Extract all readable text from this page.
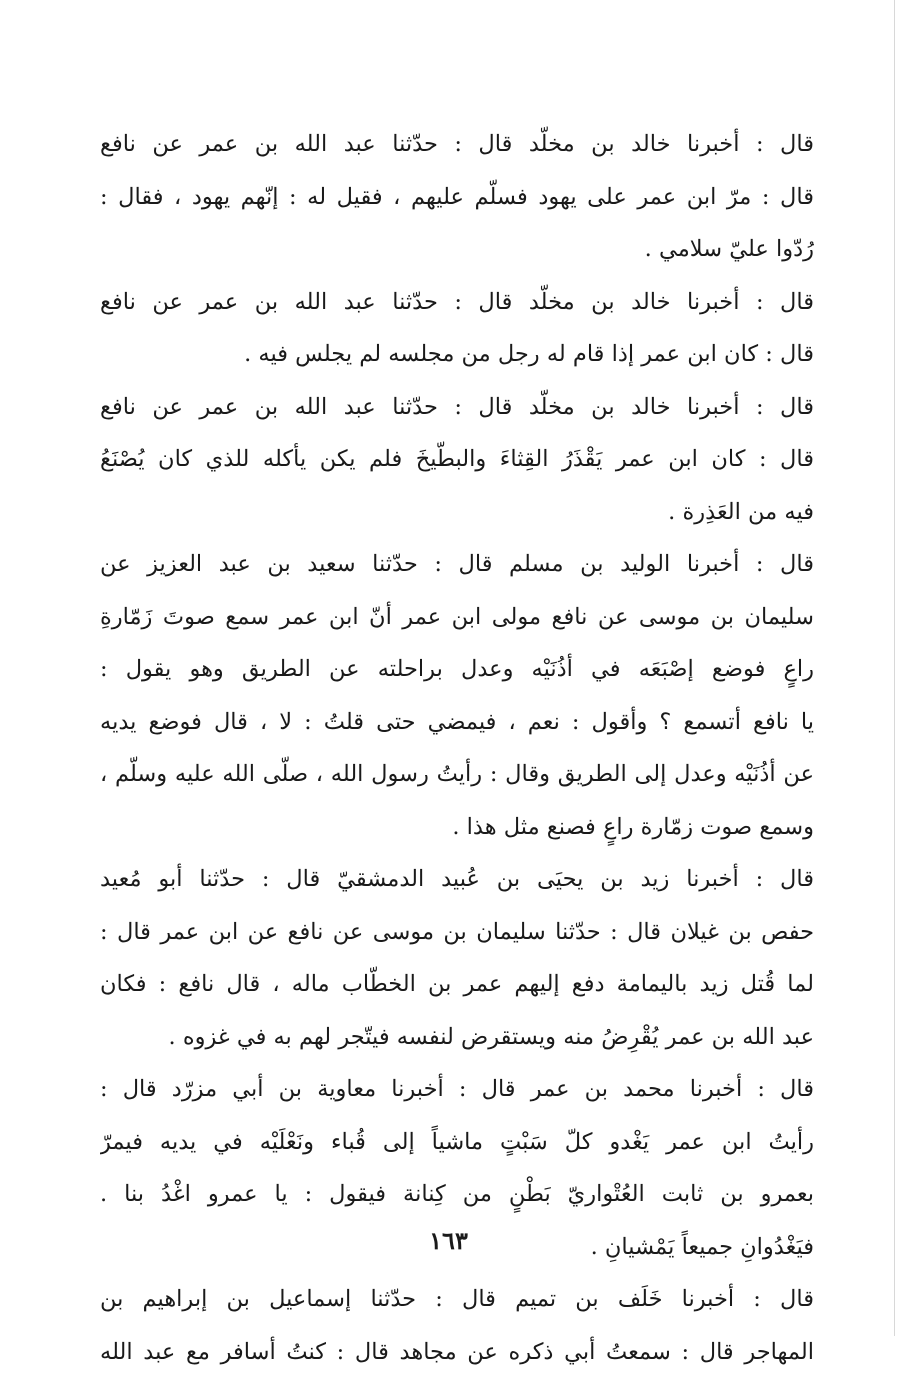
قال : أخبرنا خالد بن مخلّد قال : حدّثنا عبد الله بن عمر عن نافع
قال : مرّ ابن عمر على يهود فسلّم عليهم ، فقيل له : إنّهم يهود ، فقال :
رُدّوا عليّ سلامي .
قال : أخبرنا خالد بن مخلّد قال : حدّثنا عبد الله بن عمر عن نافع
قال : كان ابن عمر إذا قام له رجل من مجلسه لم يجلس فيه .
قال : أخبرنا خالد بن مخلّد قال : حدّثنا عبد الله بن عمر عن نافع
قال : كان ابن عمر يَقْذَرُ القِثاءَ والبطّيخَ فلم يكن يأكله للذي كان يُصْنَعُ
فيه من العَذِرة .
قال : أخبرنا الوليد بن مسلم قال : حدّثنا سعيد بن عبد العزيز عن
سليمان بن موسى عن نافع مولى ابن عمر أنّ ابن عمر سمع صوتَ زَمّارةِ
راعٍ فوضع إصْبَعَه في أذُنَيْه وعدل براحلته عن الطريق وهو يقول :
يا نافع أتسمع ؟ وأقول : نعم ، فيمضي حتى قلتُ : لا ، قال فوضع يديه
عن أذُنَيْه وعدل إلى الطريق وقال : رأيتُ رسول الله ، صلّى الله عليه وسلّم ،
وسمع صوت زمّارة راعٍ فصنع مثل هذا .
قال : أخبرنا زيد بن يحيَى بن عُبيد الدمشقيّ قال : حدّثنا أبو مُعيد
حفص بن غيلان قال : حدّثنا سليمان بن موسى عن نافع عن ابن عمر قال :
لما قُتل زيد باليمامة دفع إليهم عمر بن الخطّاب ماله ، قال نافع : فكان
عبد الله بن عمر يُقْرِضُ منه ويستقرض لنفسه فيتّجر لهم به في غزوه .
قال : أخبرنا محمد بن عمر قال : أخبرنا معاوية بن أبي مزرّد قال :
رأيتُ ابن عمر يَغْدو كلّ سَبْتٍ ماشياً إلى قُباء ونَعْلَيْه في يديه فيمرّ
بعمرو بن ثابت العُتْواريّ بَطْنٍ من كِنانة فيقول : يا عمرو اغْدُ بنا .
فيَغْدُوانِ جميعاً يَمْشيانِ .
قال : أخبرنا خَلَف بن تميم قال : حدّثنا إسماعيل بن إبراهيم بن
المهاجر قال : سمعتُ أبي ذكره عن مجاهد قال : كنتُ أسافر مع عبد الله
١٦٣
